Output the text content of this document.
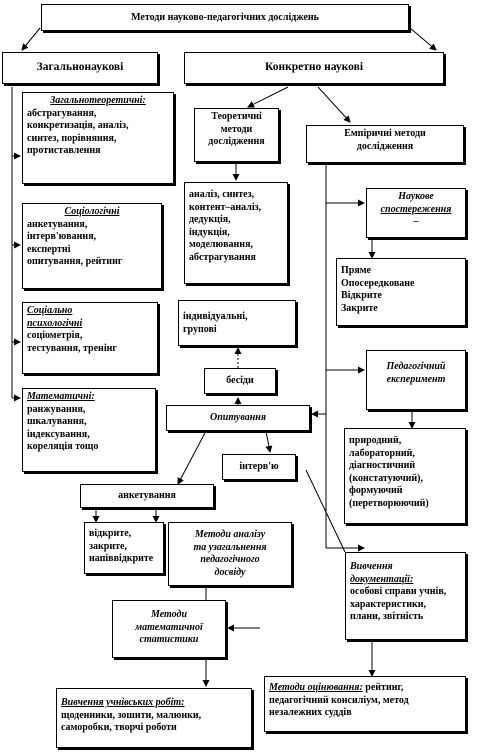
Методи науково-педагогічних досліджень
Загальнонаукові	Конкретно наукові
Загальнотеоретичні:
абстрагування,
конкретизація, аналіз,
синтез, порівняння,
протиставлення
Соціологічні
анкетування,
інтерв'ювання,
експертні
опитування, рейтинг
Соціально
психологічні
соціометрія,
тестування, тренінг
Математичні:
ранжування,
шкалування,
індексування,
кореляція тощо
Теоретичні
методи
дослідження
аналіз, синтез,
контент–аналіз,
дедукція,
індукція,
моделювання,
абстрагування
Емпіричні методи
дослідження
Наукове
спостереження
–
Пряме
Опосередковане
Відкрите
Закрите
індивідуальні,
групові
бесіди
Опитування
інтерв'ю
анкетування
відкрите,
закрите,
напіввідкрите
Методи аналізу
та узагальнення
педагогічного
досвіду
Педагогічний
експеримент
природний,
лабораторний,
діагностичний
(констатуючий),
формуючий
(перетворюючий)
Вивчення
документації:
особові справи учнів,
характеристики,
плани, звітність
Методи
математичної
статистики
Вивчення учнівських робіт:
щоденники, зошити, малюнки,
саморобки, творчі роботи
Методи оцінювання: рейтинг,
педагогічний консиліум, метод
незалежних суддів
